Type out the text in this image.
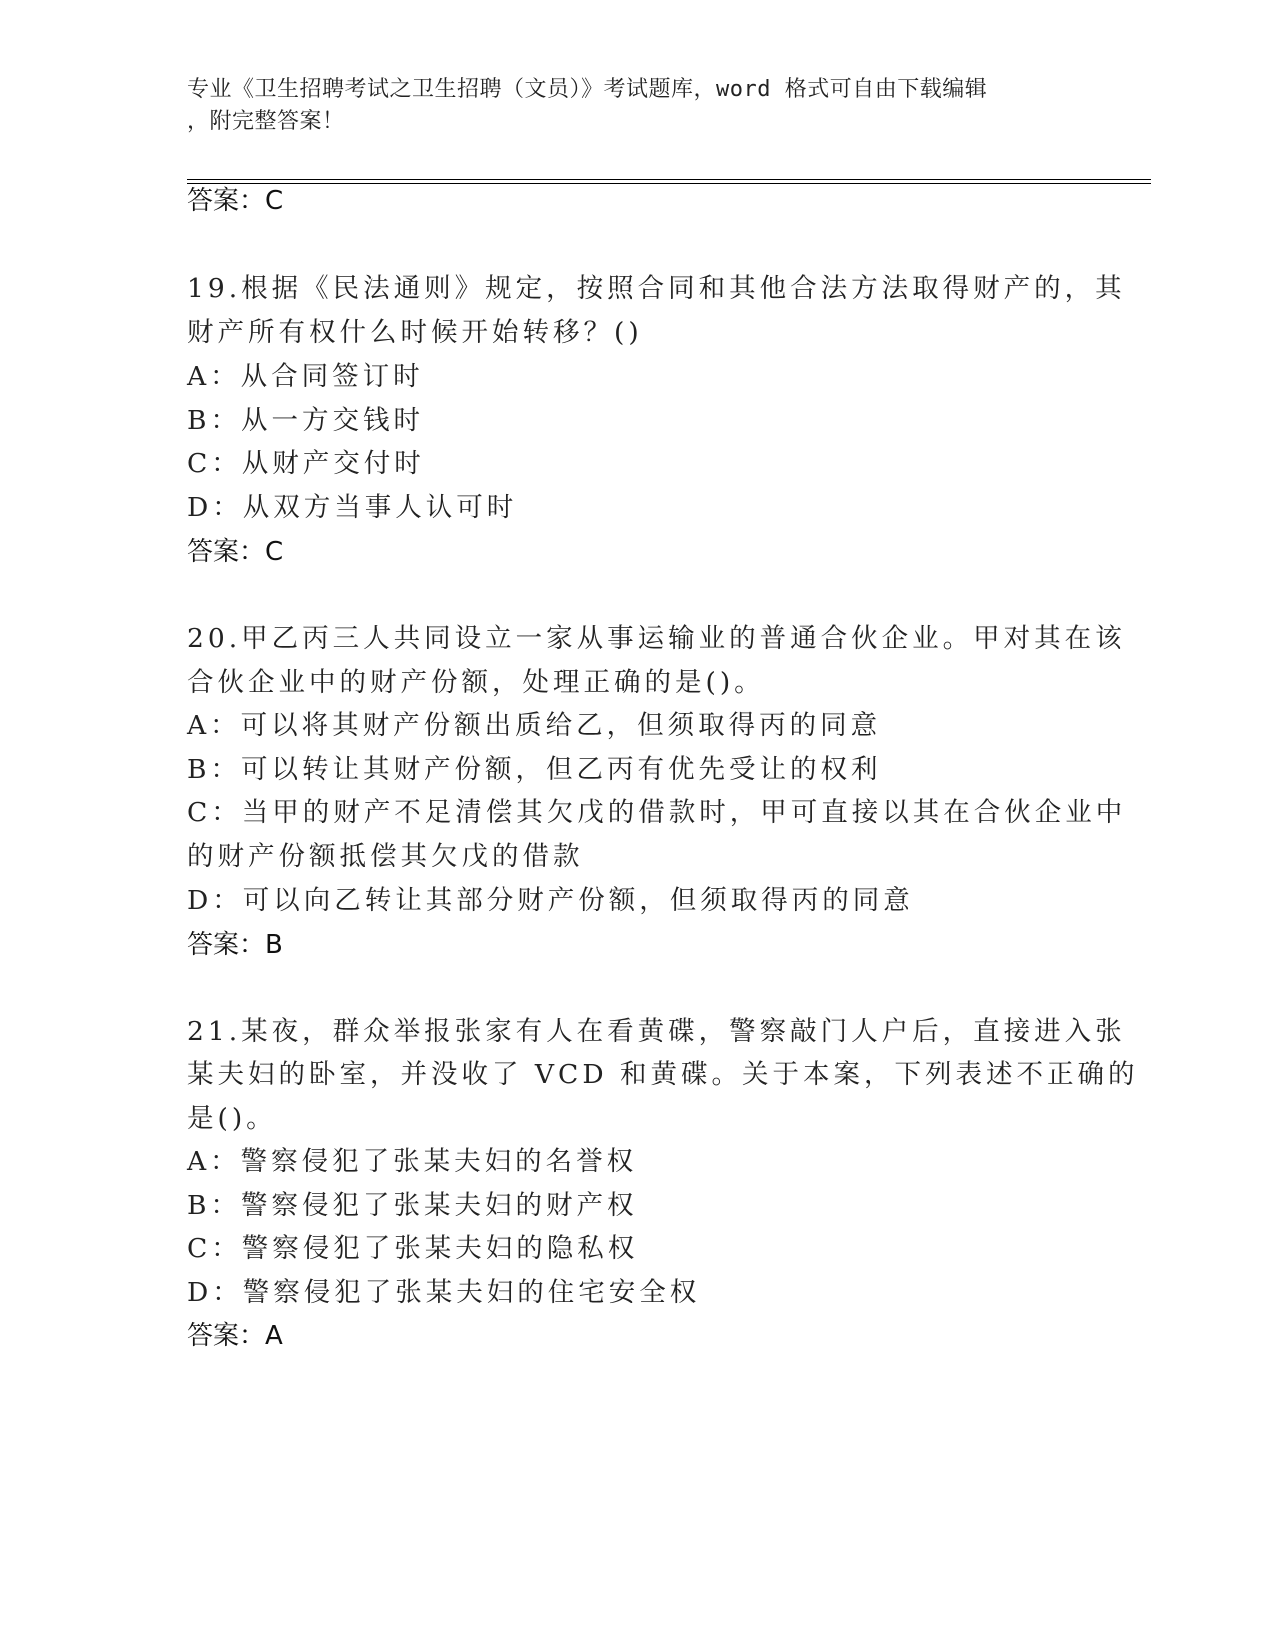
专业《卫生招聘考试之卫生招聘（文员）》考试题库，word 格式可自由下载编辑
，附完整答案！
答案：C
19.根据《民法通则》规定，按照合同和其他合法方法取得财产的，其
财产所有权什么时候开始转移？()
A：从合同签订时
B：从一方交钱时
C：从财产交付时
D：从双方当事人认可时
答案：C
20.甲乙丙三人共同设立一家从事运输业的普通合伙企业。甲对其在该
合伙企业中的财产份额，处理正确的是()。
A：可以将其财产份额出质给乙，但须取得丙的同意
B：可以转让其财产份额，但乙丙有优先受让的权利
C：当甲的财产不足清偿其欠戊的借款时，甲可直接以其在合伙企业中
的财产份额抵偿其欠戊的借款
D：可以向乙转让其部分财产份额，但须取得丙的同意
答案：B
21.某夜，群众举报张家有人在看黄碟，警察敲门人户后，直接进入张
某夫妇的卧室，并没收了 VCD 和黄碟。关于本案，下列表述不正确的
是()。
A：警察侵犯了张某夫妇的名誉权
B：警察侵犯了张某夫妇的财产权
C：警察侵犯了张某夫妇的隐私权
D：警察侵犯了张某夫妇的住宅安全权
答案：A
